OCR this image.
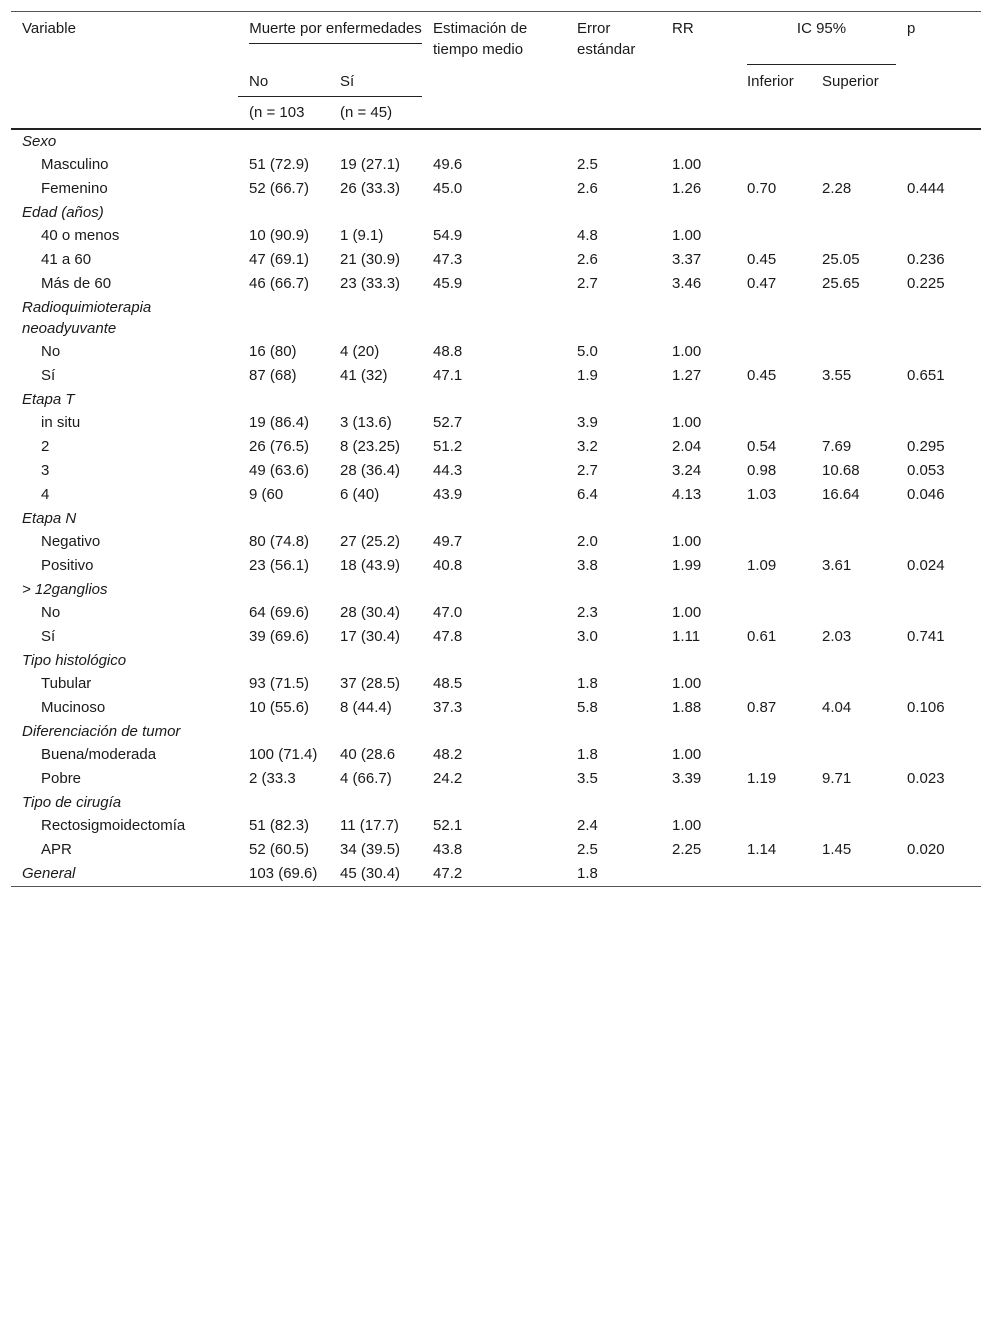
Variable	Muerte por enfermedades		Estimación de tiempo medio	Error estándar	RR	IC 95%		p
	No	Sí				Inferior	Superior	
	(n = 103	(n = 45)						
Sexo								
Masculino	51 (72.9)	19 (27.1)	49.6	2.5	1.00			
Femenino	52 (66.7)	26 (33.3)	45.0	2.6	1.26	0.70	2.28	0.444
Edad (años)								
40 o menos	10 (90.9)	1 (9.1)	54.9	4.8	1.00			
41 a 60	47 (69.1)	21 (30.9)	47.3	2.6	3.37	0.45	25.05	0.236
Más de 60	46 (66.7)	23 (33.3)	45.9	2.7	3.46	0.47	25.65	0.225
Radioquimioterapia neoadyuvante								
No	16 (80)	4 (20)	48.8	5.0	1.00			
Sí	87 (68)	41 (32)	47.1	1.9	1.27	0.45	3.55	0.651
Etapa T								
in situ	19 (86.4)	3 (13.6)	52.7	3.9	1.00			
2	26 (76.5)	8 (23.25)	51.2	3.2	2.04	0.54	7.69	0.295
3	49 (63.6)	28 (36.4)	44.3	2.7	3.24	0.98	10.68	0.053
4	9 (60	6 (40)	43.9	6.4	4.13	1.03	16.64	0.046
Etapa N								
Negativo	80 (74.8)	27 (25.2)	49.7	2.0	1.00			
Positivo	23 (56.1)	18 (43.9)	40.8	3.8	1.99	1.09	3.61	0.024
> 12ganglios								
No	64 (69.6)	28 (30.4)	47.0	2.3	1.00			
Sí	39 (69.6)	17 (30.4)	47.8	3.0	1.11	0.61	2.03	0.741
Tipo histológico								
Tubular	93 (71.5)	37 (28.5)	48.5	1.8	1.00			
Mucinoso	10 (55.6)	8 (44.4)	37.3	5.8	1.88	0.87	4.04	0.106
Diferenciación de tumor								
Buena/moderada	100 (71.4)	40 (28.6	48.2	1.8	1.00			
Pobre	2 (33.3	4 (66.7)	24.2	3.5	3.39	1.19	9.71	0.023
Tipo de cirugía								
Rectosigmoidectomía	51 (82.3)	11 (17.7)	52.1	2.4	1.00			
APR	52 (60.5)	34 (39.5)	43.8	2.5	2.25	1.14	1.45	0.020
General	103 (69.6)	45 (30.4)	47.2	1.8				
